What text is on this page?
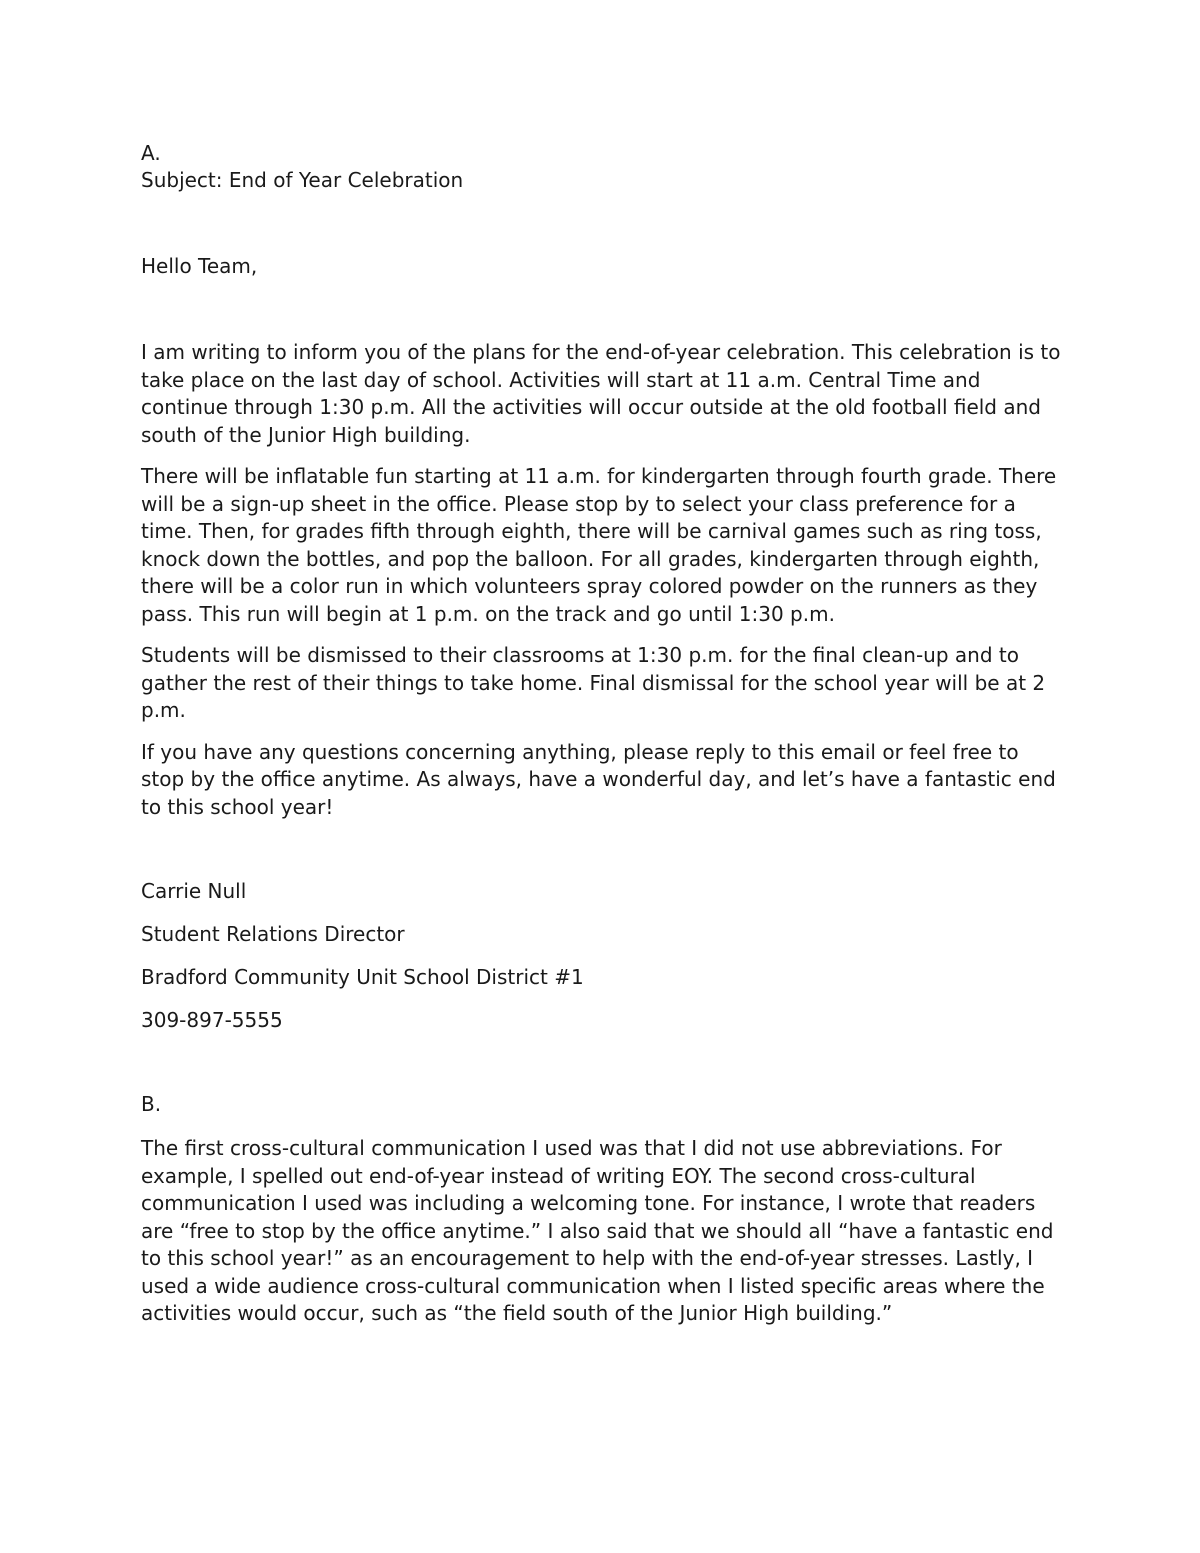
A.

Subject: End of Year Celebration

Hello Team,

I am writing to inform you of the plans for the end-of-year celebration. This celebration is to take place on the last day of school. Activities will start at 11 a.m. Central Time and continue through 1:30 p.m. All the activities will occur outside at the old football field and south of the Junior High building.

There will be inflatable fun starting at 11 a.m. for kindergarten through fourth grade. There will be a sign-up sheet in the office. Please stop by to select your class preference for a time. Then, for grades fifth through eighth, there will be carnival games such as ring toss, knock down the bottles, and pop the balloon. For all grades, kindergarten through eighth, there will be a color run in which volunteers spray colored powder on the runners as they pass. This run will begin at 1 p.m. on the track and go until 1:30 p.m.

Students will be dismissed to their classrooms at 1:30 p.m. for the final clean-up and to gather the rest of their things to take home. Final dismissal for the school year will be at 2 p.m.

If you have any questions concerning anything, please reply to this email or feel free to stop by the office anytime. As always, have a wonderful day, and let’s have a fantastic end to this school year!

Carrie Null

Student Relations Director

Bradford Community Unit School District #1

309-897-5555

B.

The first cross-cultural communication I used was that I did not use abbreviations. For example, I spelled out end-of-year instead of writing EOY. The second cross-cultural communication I used was including a welcoming tone. For instance, I wrote that readers are “free to stop by the office anytime.” I also said that we should all “have a fantastic end to this school year!” as an encouragement to help with the end-of-year stresses. Lastly, I used a wide audience cross-cultural communication when I listed specific areas where the activities would occur, such as “the field south of the Junior High building.”
